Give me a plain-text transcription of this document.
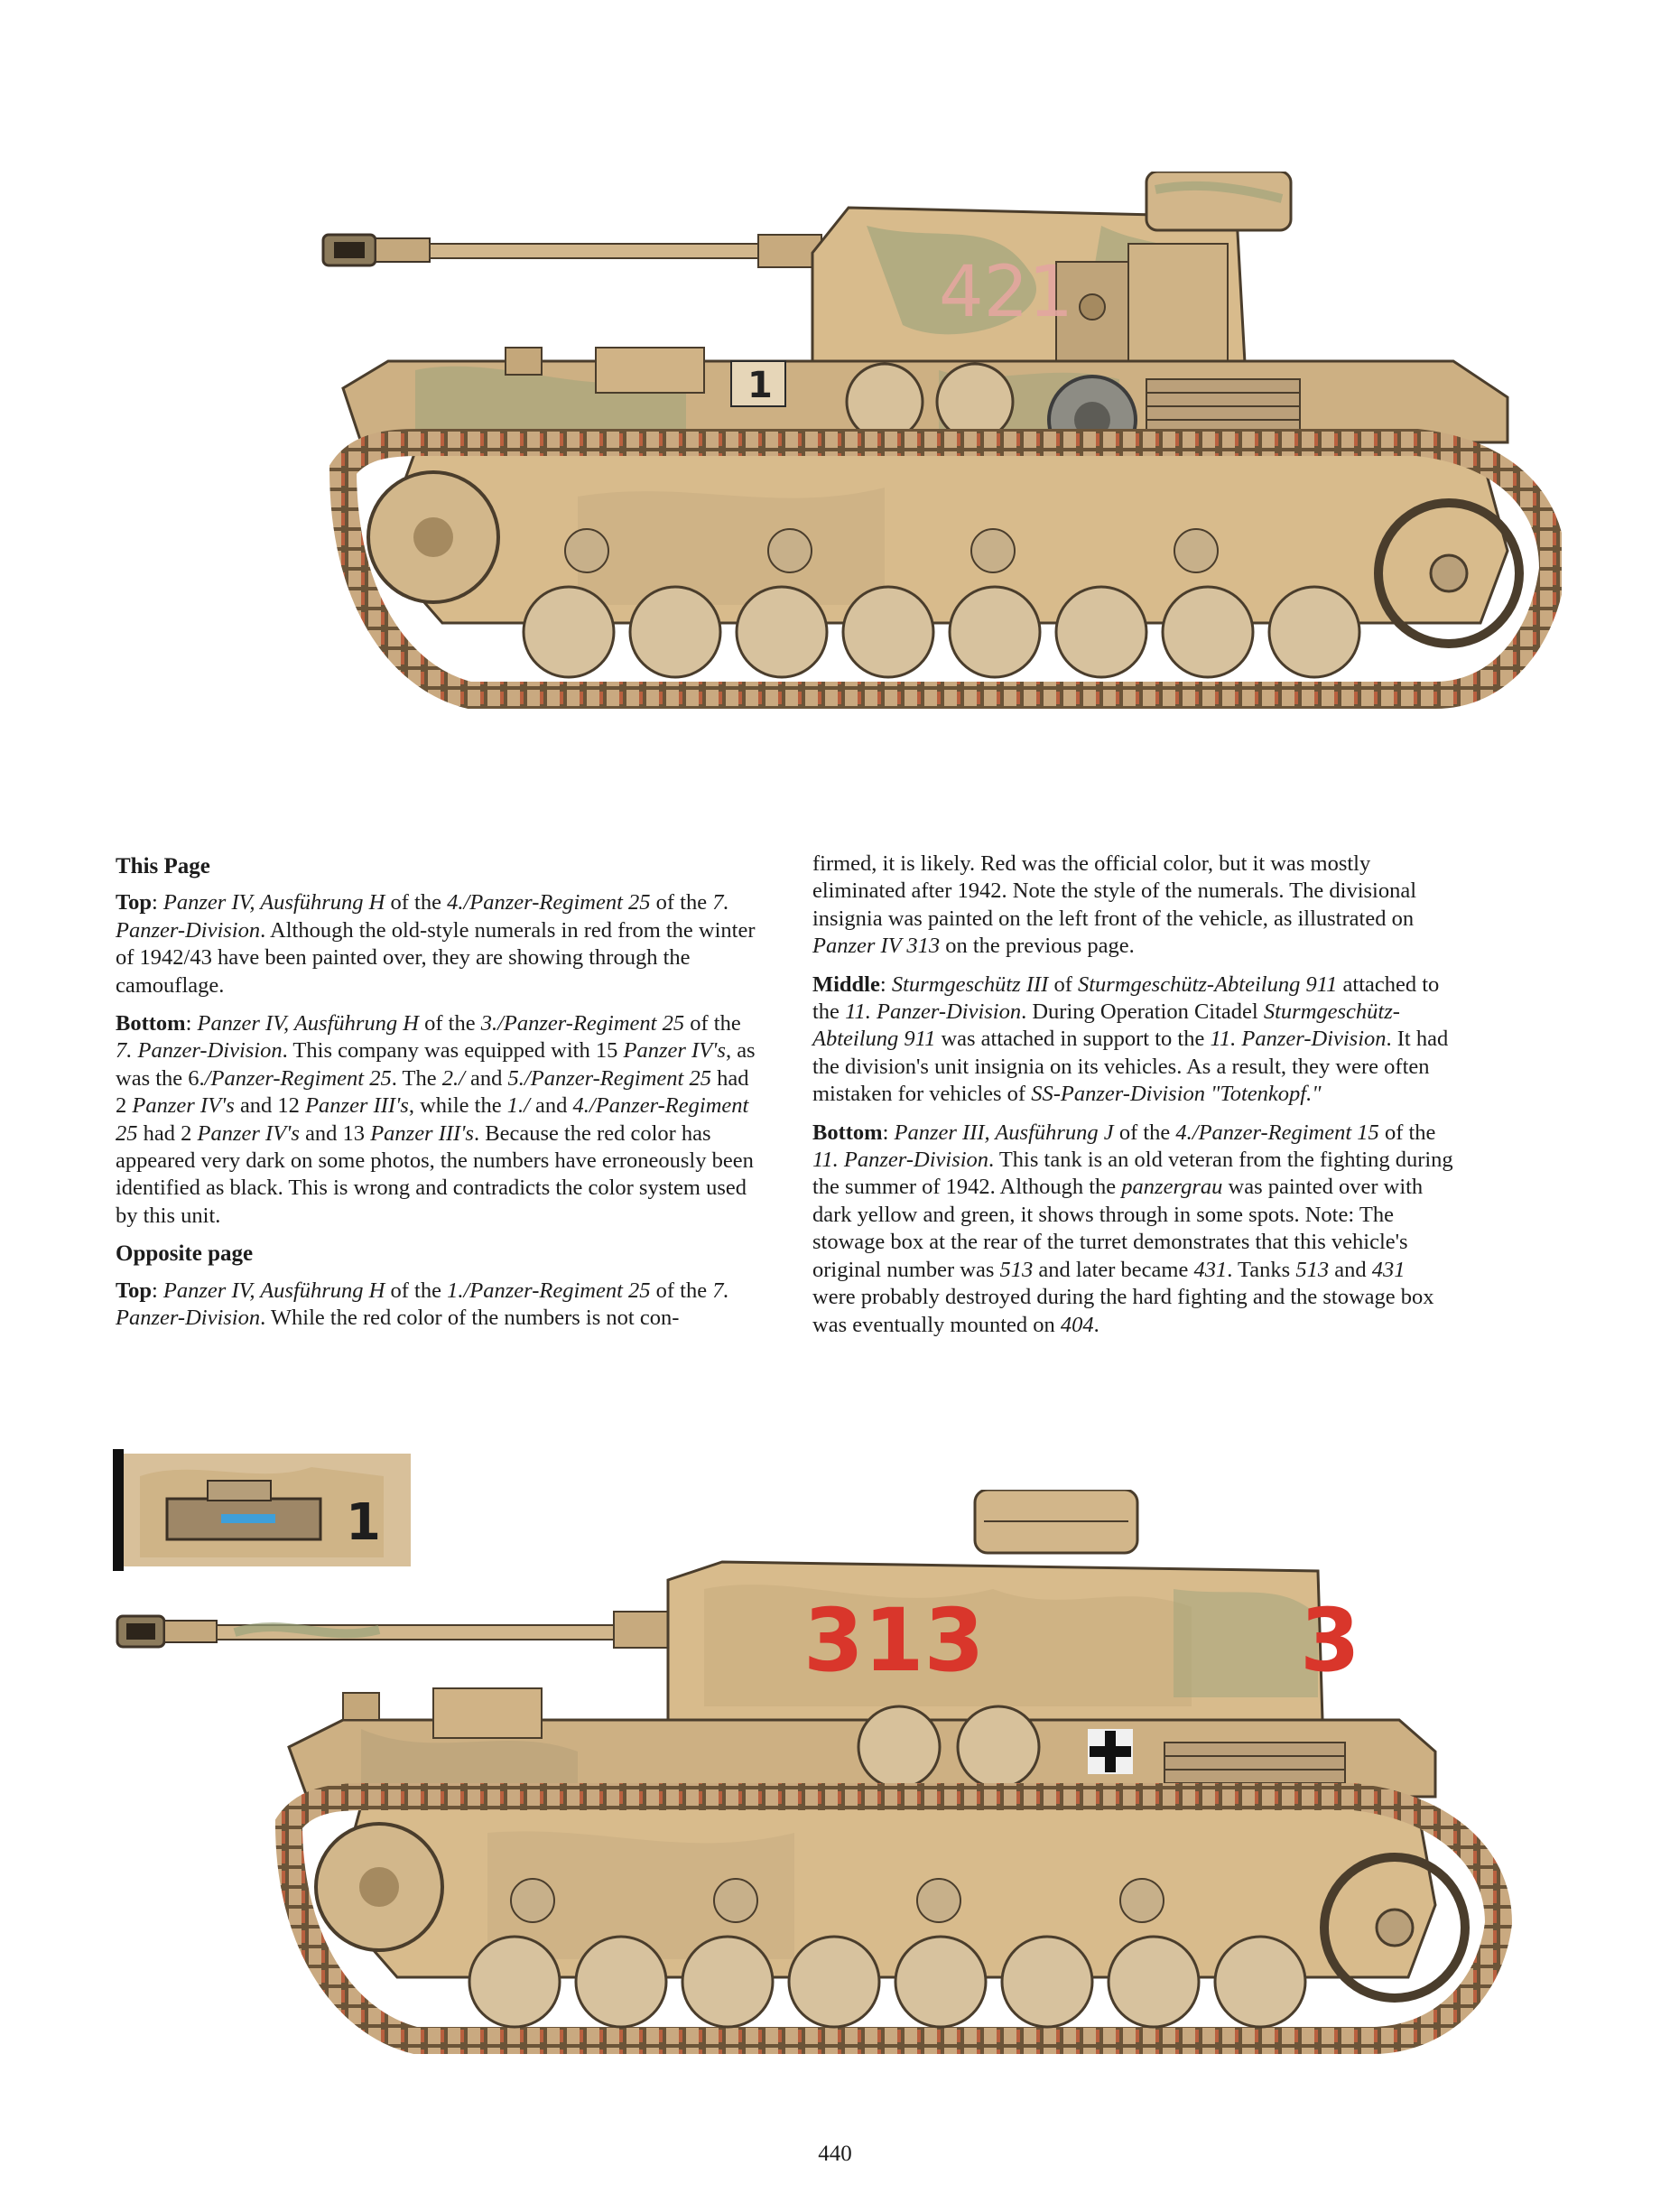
421
1
This Page

Top: Panzer IV, Ausführung H of the 4./Panzer-Regiment 25 of the 7. Panzer-Division. Although the old-style numerals in red from the winter of 1942/43 have been painted over, they are showing through the camouflage.

Bottom: Panzer IV, Ausführung H of the 3./Panzer-Regiment 25 of the 7. Panzer-Division. This company was equipped with 15 Panzer IV's, as was the 6./Panzer-Regiment 25. The 2./ and 5./Panzer-Regiment 25 had 2 Panzer IV's and 12 Panzer III's, while the 1./ and 4./Panzer-Regiment 25 had 2 Panzer IV's and 13 Panzer III's. Because the red color has appeared very dark on some photos, the numbers have erroneously been identified as black. This is wrong and contradicts the color system used by this unit.

Opposite page

Top: Panzer IV, Ausführung H of the 1./Panzer-Regiment 25 of the 7. Panzer-Division. While the red color of the numbers is not con-

firmed, it is likely. Red was the official color, but it was mostly eliminated after 1942. Note the style of the numerals. The divisional insignia was painted on the left front of the vehicle, as illustrated on Panzer IV 313 on the previous page.

Middle: Sturmgeschütz III of Sturmgeschütz-Abteilung 911 attached to the 11. Panzer-Division. During Operation Citadel Sturmgeschütz-Abteilung 911 was attached in support to the 11. Panzer-Division. It had the division's unit insignia on its vehicles. As a result, they were often mistaken for vehicles of SS-Panzer-Division "Totenkopf."

Bottom: Panzer III, Ausführung J of the 4./Panzer-Regiment 15 of the 11. Panzer-Division. This tank is an old veteran from the fighting during the summer of 1942. Although the panzergrau was painted over with dark yellow and green, it shows through in some spots. Note: The stowage box at the rear of the turret demonstrates that this vehicle's original number was 513 and later became 431. Tanks 513 and 431 were probably destroyed during the hard fighting and the stowage box was eventually mounted on 404.

1
313	3
440
